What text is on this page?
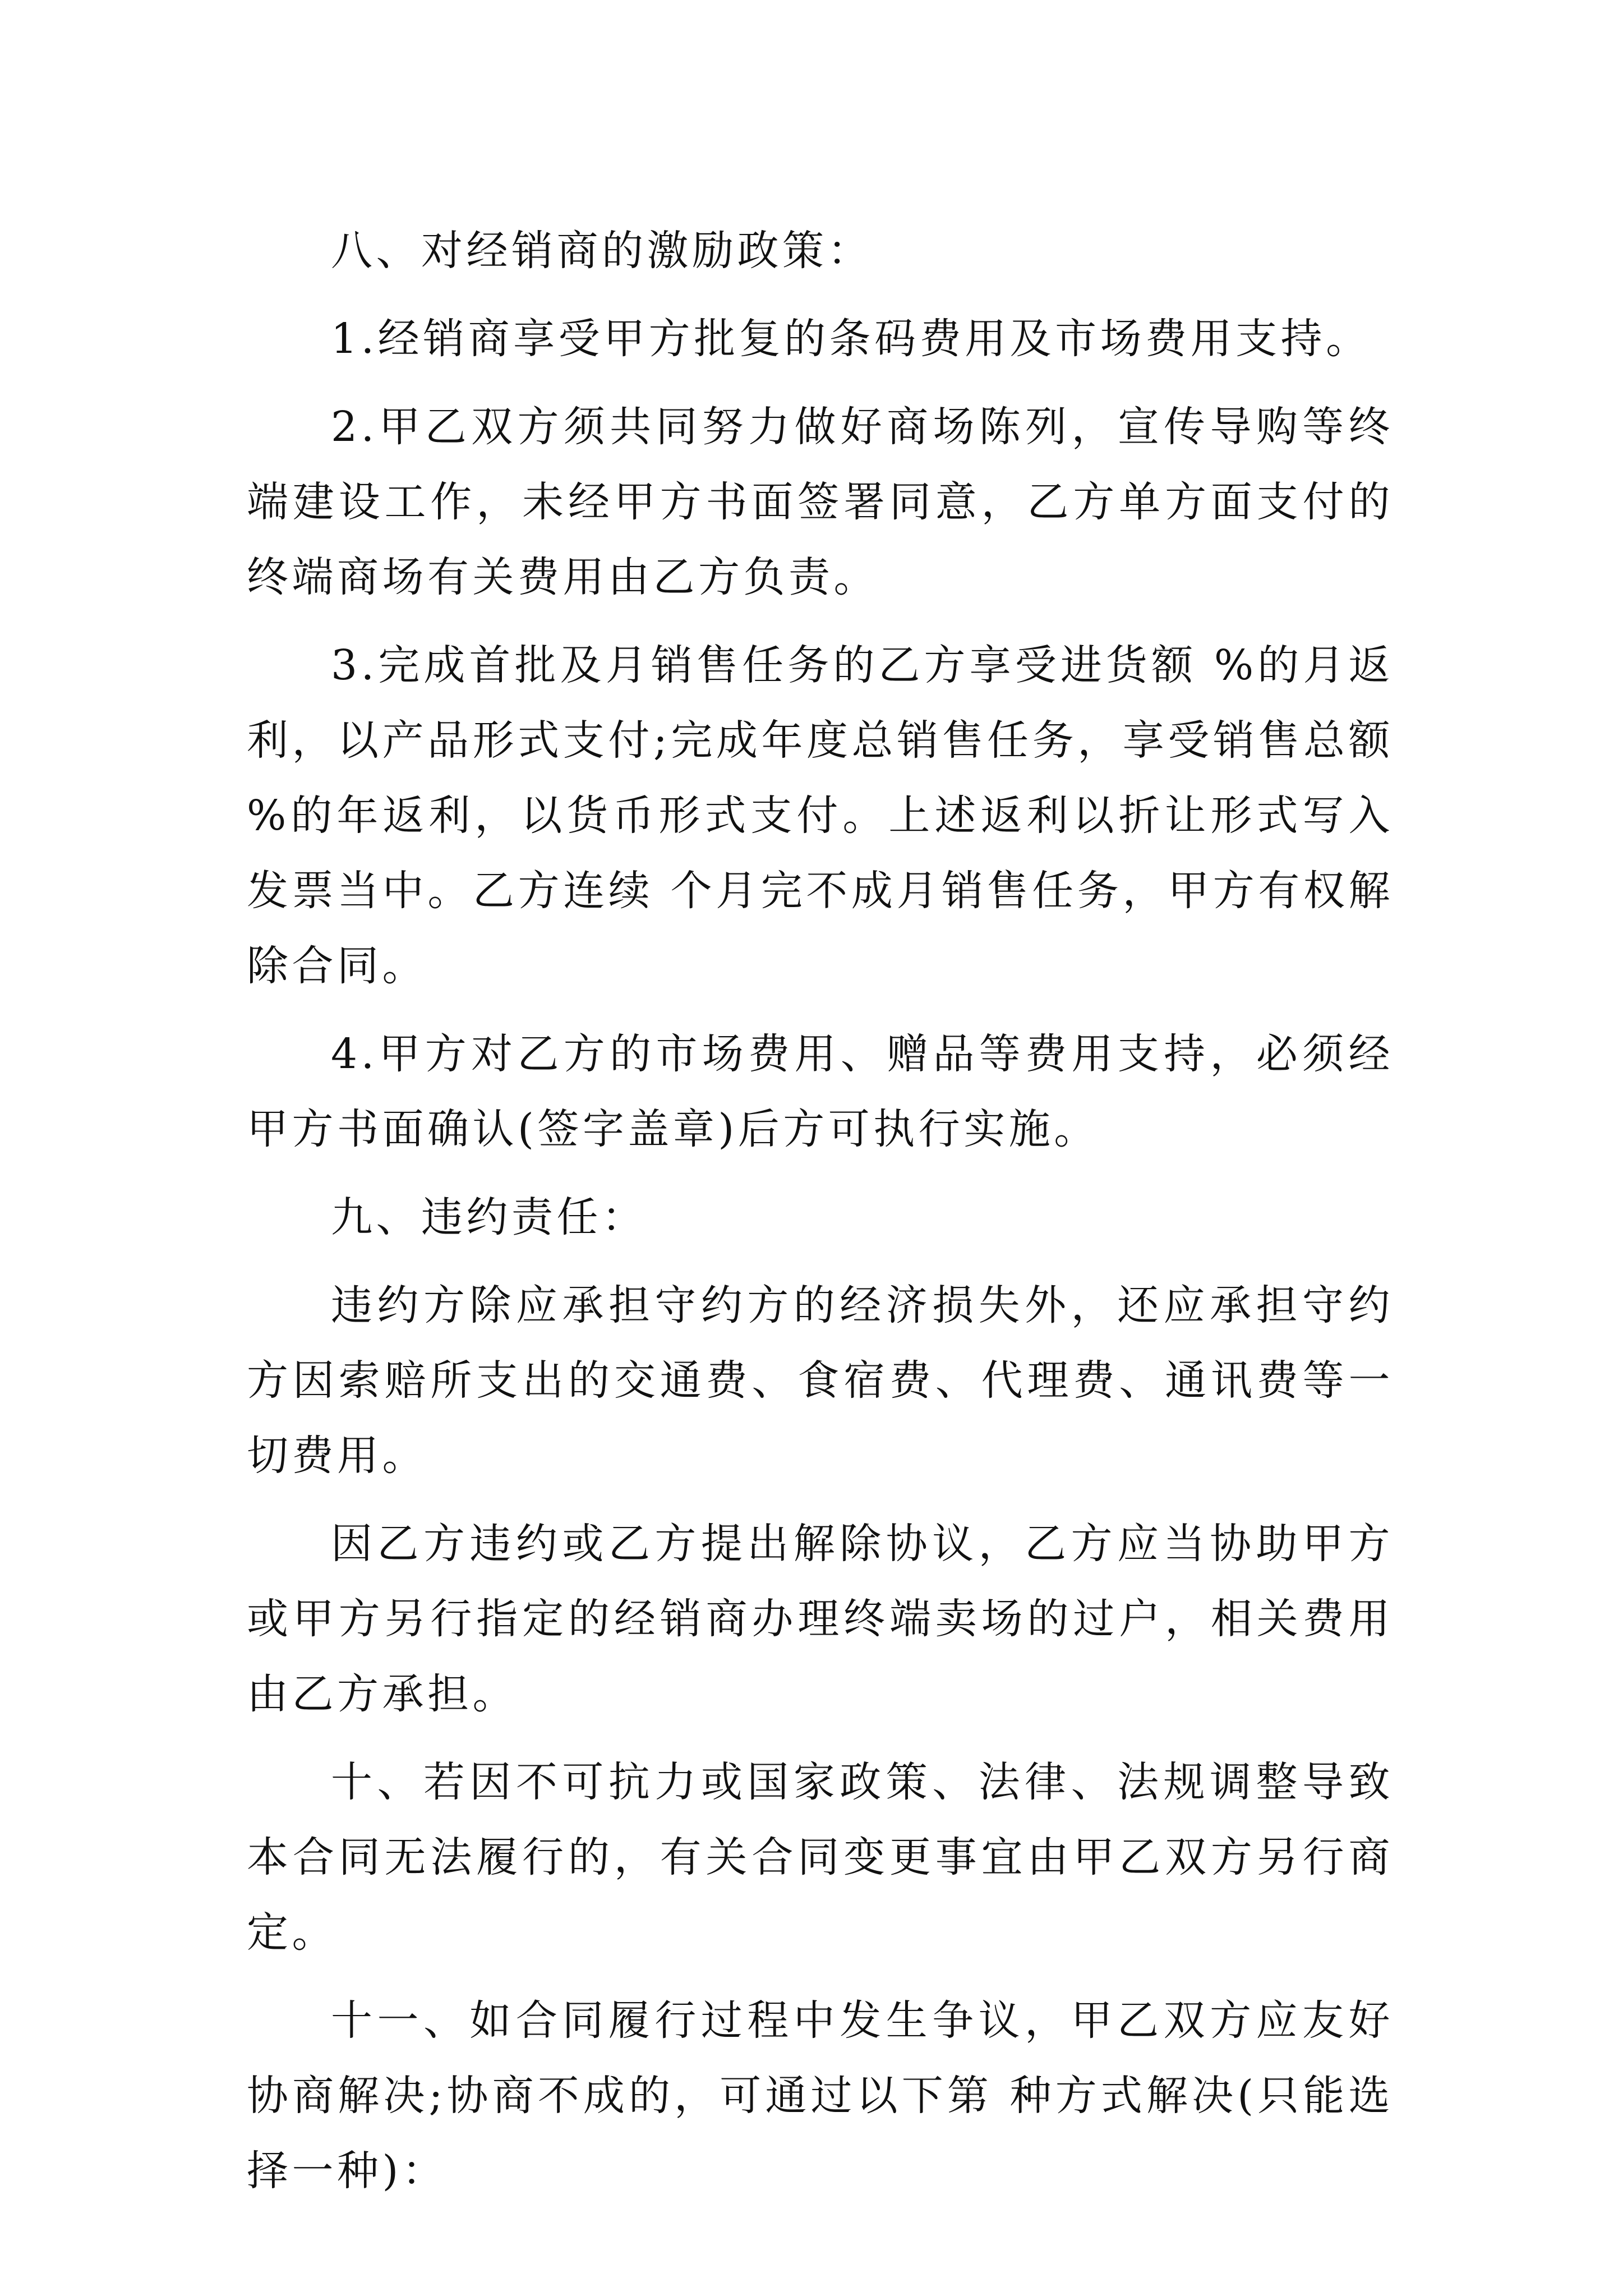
八、对经销商的激励政策：

1.经销商享受甲方批复的条码费用及市场费用支持。

2.甲乙双方须共同努力做好商场陈列，宣传导购等终端建设工作，未经甲方书面签署同意，乙方单方面支付的终端商场有关费用由乙方负责。

3.完成首批及月销售任务的乙方享受进货额 %的月返利，以产品形式支付;完成年度总销售任务，享受销售总额 %的年返利，以货币形式支付。上述返利以折让形式写入发票当中。乙方连续 个月完不成月销售任务，甲方有权解除合同。

4.甲方对乙方的市场费用、赠品等费用支持，必须经甲方书面确认(签字盖章)后方可执行实施。

九、违约责任：

违约方除应承担守约方的经济损失外，还应承担守约方因索赔所支出的交通费、食宿费、代理费、通讯费等一切费用。

因乙方违约或乙方提出解除协议，乙方应当协助甲方或甲方另行指定的经销商办理终端卖场的过户，相关费用由乙方承担。

十、若因不可抗力或国家政策、法律、法规调整导致本合同无法履行的，有关合同变更事宜由甲乙双方另行商定。

十一、如合同履行过程中发生争议，甲乙双方应友好协商解决;协商不成的，可通过以下第 种方式解决(只能选择一种)：
